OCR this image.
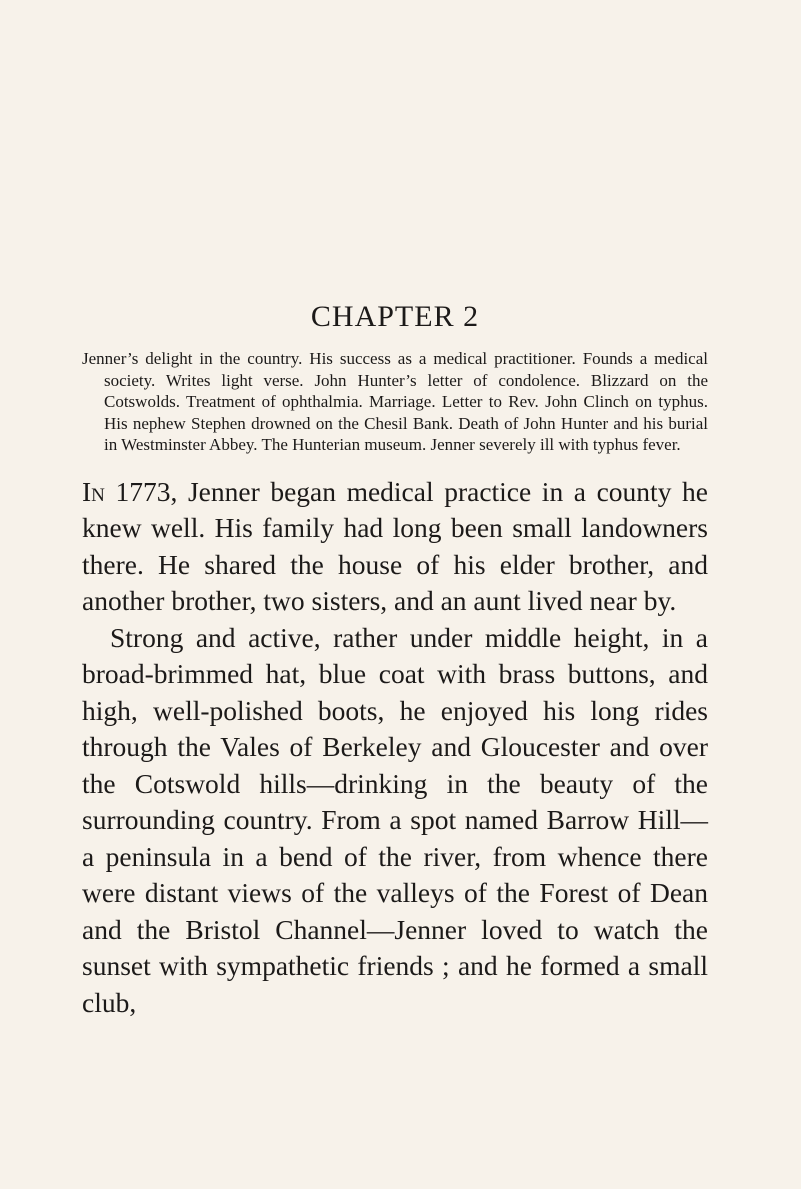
CHAPTER 2

Jenner’s delight in the country. His success as a medical practitioner. Founds a medical society. Writes light verse. John Hunter’s letter of condolence. Blizzard on the Cotswolds. Treatment of ophthalmia. Marriage. Letter to Rev. John Clinch on typhus. His nephew Stephen drowned on the Chesil Bank. Death of John Hunter and his burial in Westminster Abbey. The Hunterian museum. Jenner severely ill with typhus fever.

In 1773, Jenner began medical practice in a county he knew well. His family had long been small landowners there. He shared the house of his elder brother, and another brother, two sisters, and an aunt lived near by.

Strong and active, rather under middle height, in a broad-brimmed hat, blue coat with brass buttons, and high, well-polished boots, he enjoyed his long rides through the Vales of Berkeley and Gloucester and over the Cotswold hills—drinking in the beauty of the surrounding country. From a spot named Barrow Hill—a peninsula in a bend of the river, from whence there were distant views of the valleys of the Forest of Dean and the Bristol Channel—Jenner loved to watch the sunset with sympathetic friends ; and he formed a small club,
